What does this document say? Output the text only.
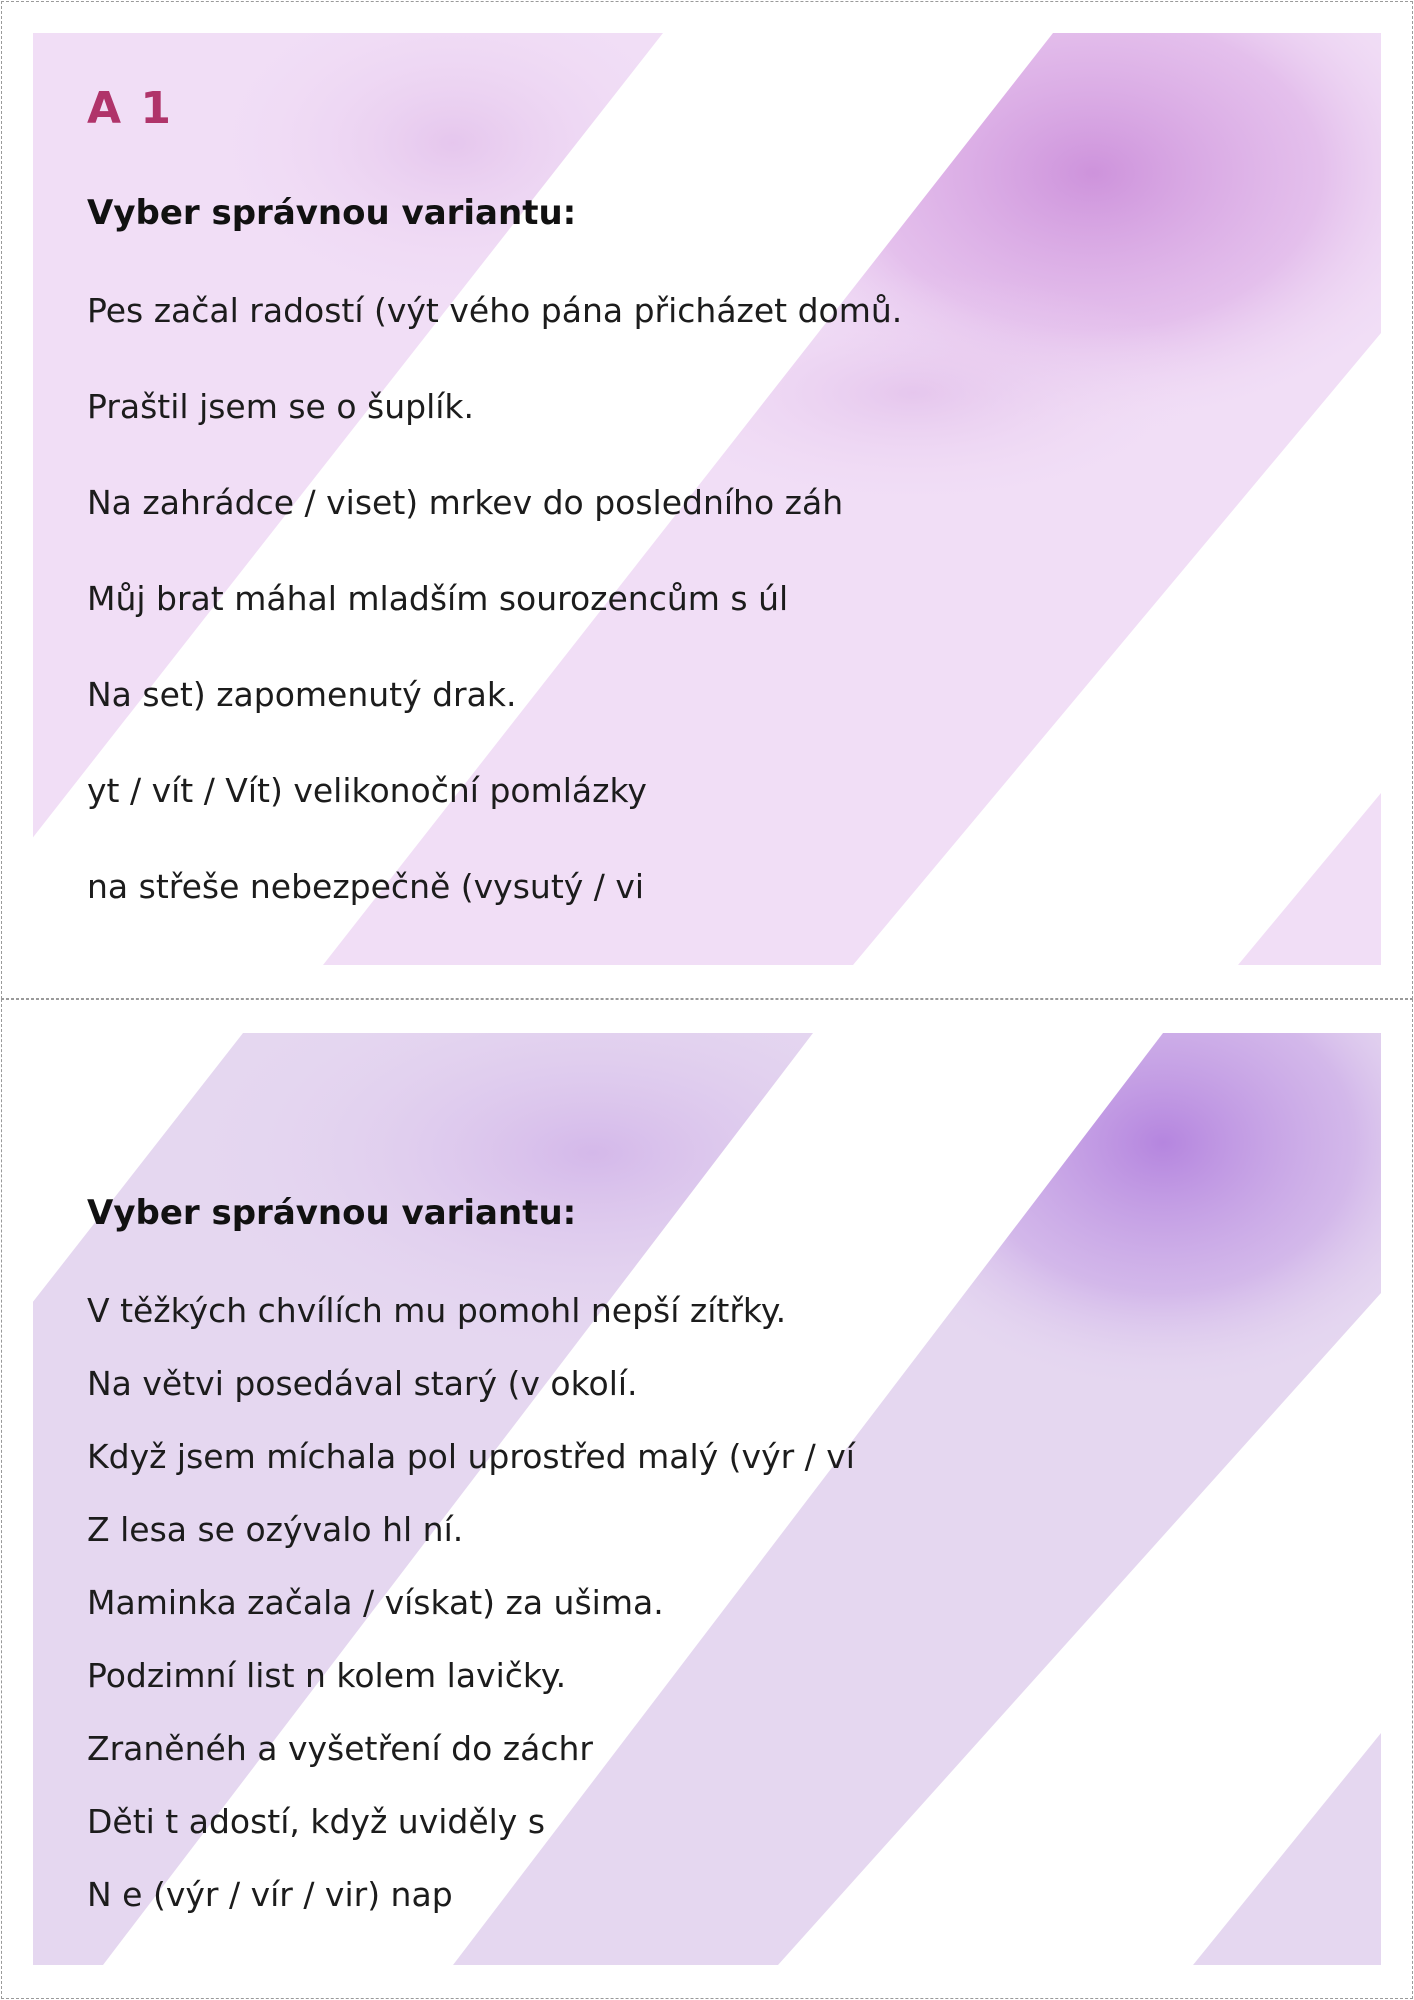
A 1

Vyber správnou variantu:

Pes začal radostí (výt vého pána přicházet domů.

Praštil jsem se o šuplík.

Na zahrádce / viset) mrkev do posledního záh

Můj brat máhal mladším sourozencům s úl

Na set) zapomenutý drak.

yt / vít / Vít) velikonoční pomlázky

na střeše nebezpečně (vysutý / vi

Vyber správnou variantu:

V těžkých chvílích mu pomohl nepší zítřky.

Na větvi posedával starý (v okolí.

Když jsem míchala pol uprostřed malý (výr / ví

Z lesa se ozývalo hl ní.

Maminka začala / vískat) za ušima.

Podzimní list n kolem lavičky.

Zraněnéh a vyšetření do záchr

Děti t adostí, když uviděly s

N e (výr / vír / vir) nap
